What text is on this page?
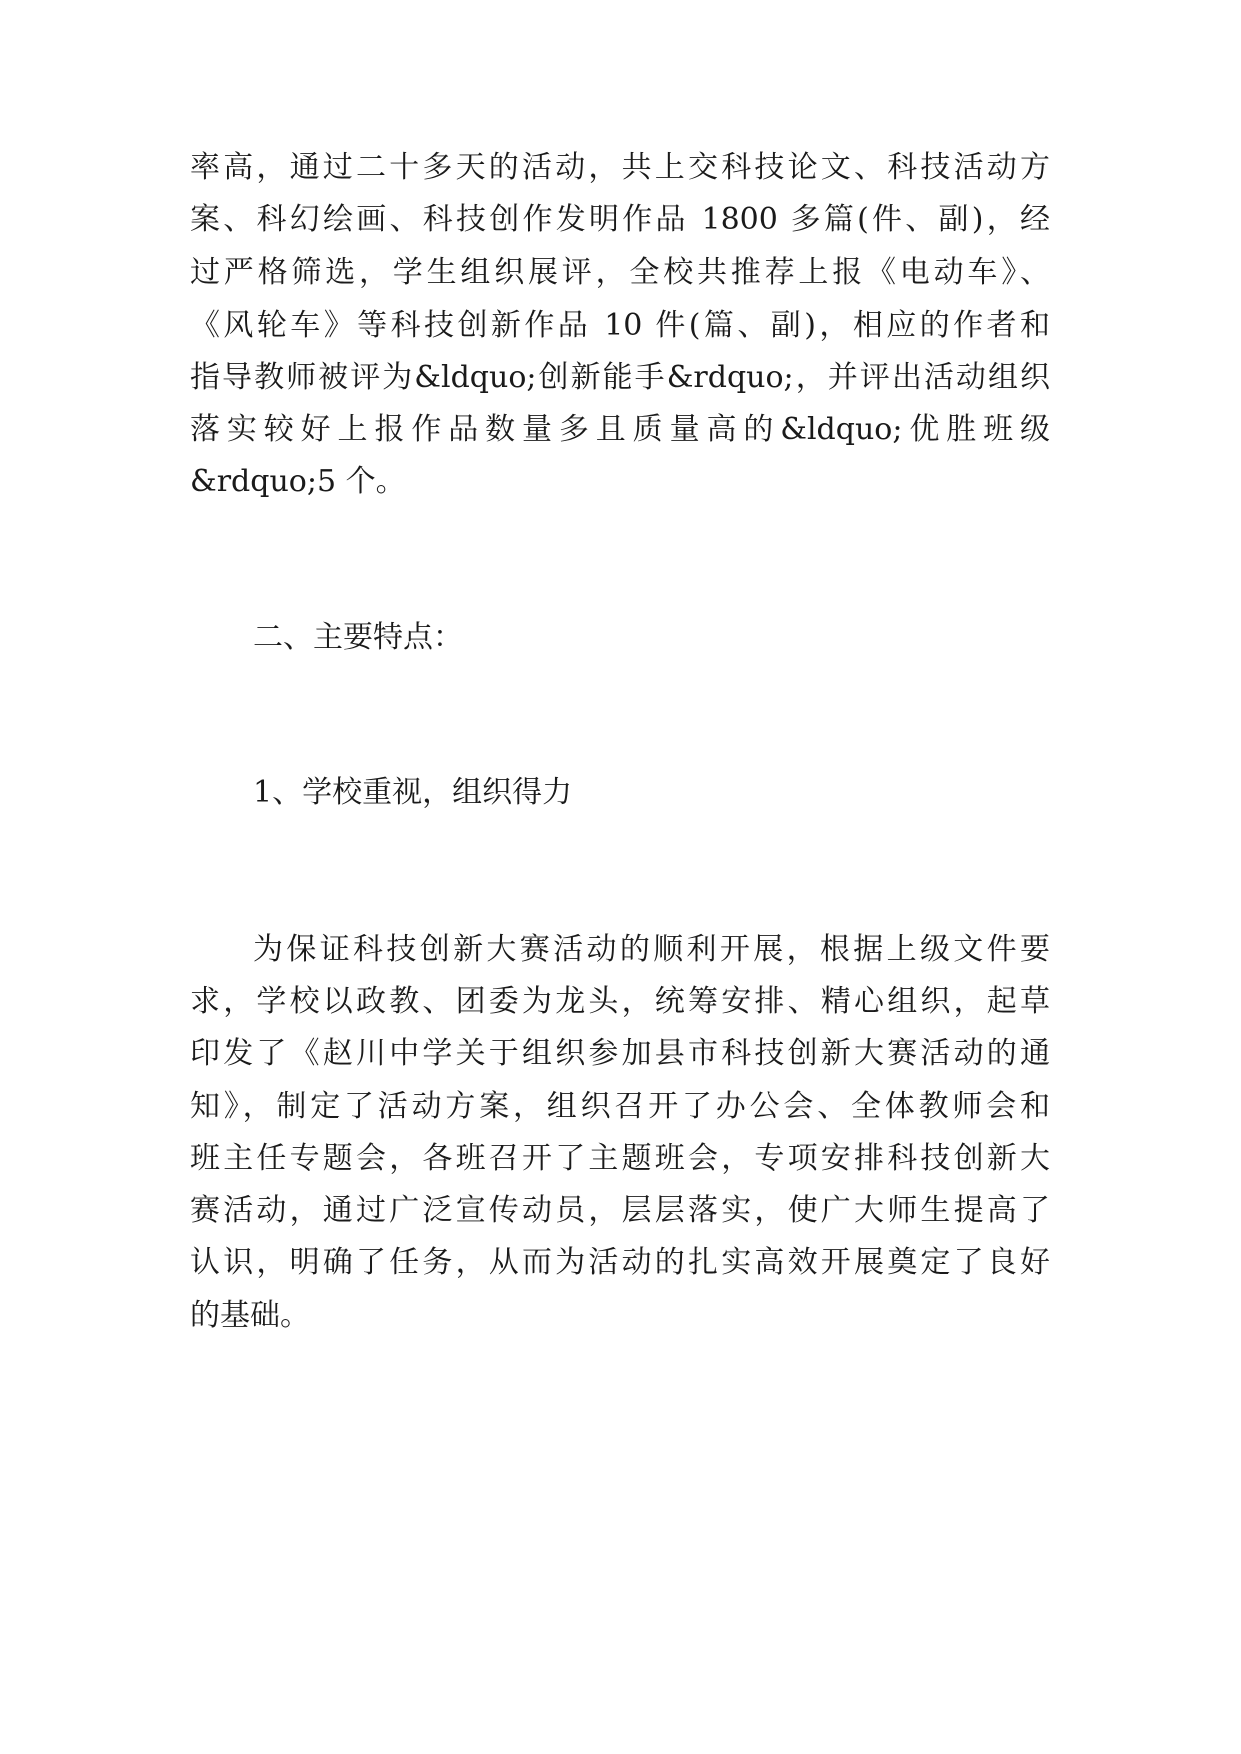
率高，通过二十多天的活动，共上交科技论文、科技活动方
案、科幻绘画、科技创作发明作品 1800 多篇(件、副)，经
过严格筛选，学生组织展评，全校共推荐上报《电动车》、
《风轮车》等科技创新作品 10 件(篇、副)，相应的作者和
指导教师被评为&ldquo;创新能手&rdquo;，并评出活动组织
落实较好上报作品数量多且质量高的&ldquo;优胜班级
&rdquo;5 个。
二、主要特点：
1、学校重视，组织得力
为保证科技创新大赛活动的顺利开展，根据上级文件要
求，学校以政教、团委为龙头，统筹安排、精心组织，起草
印发了《赵川中学关于组织参加县市科技创新大赛活动的通
知》，制定了活动方案，组织召开了办公会、全体教师会和
班主任专题会，各班召开了主题班会，专项安排科技创新大
赛活动，通过广泛宣传动员，层层落实，使广大师生提高了
认识，明确了任务，从而为活动的扎实高效开展奠定了良好
的基础。
